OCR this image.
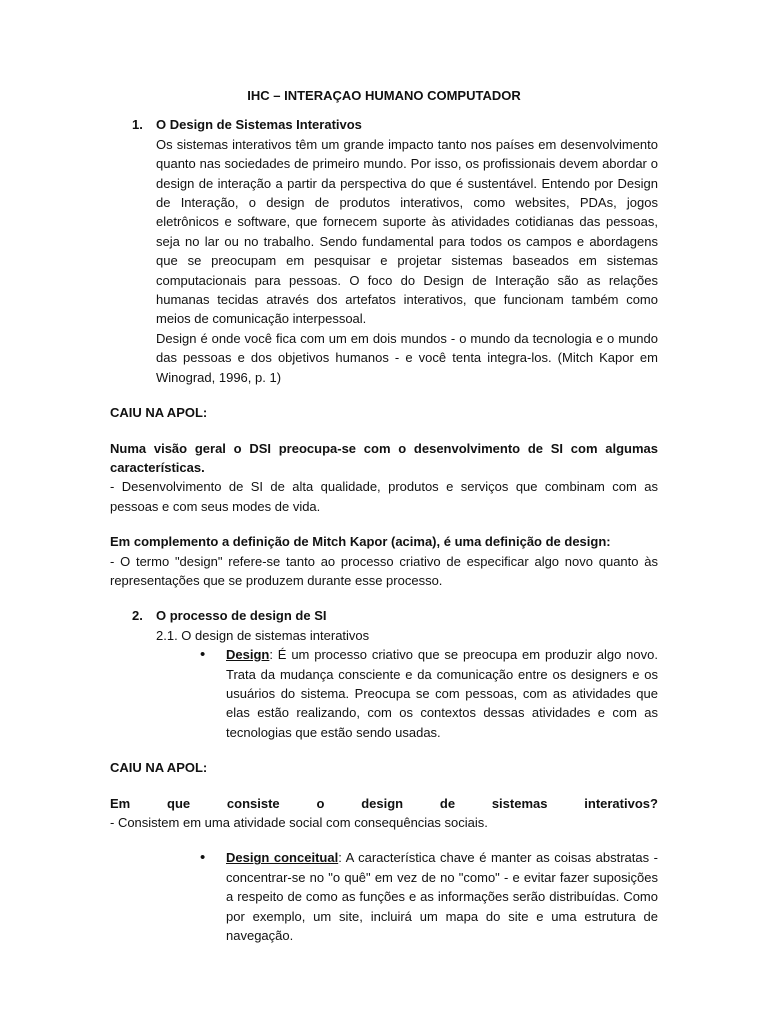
IHC – INTERAÇAO HUMANO COMPUTADOR

1.	O Design de Sistemas Interativos

Os sistemas interativos têm um grande impacto tanto nos países em desenvolvimento quanto nas sociedades de primeiro mundo. Por isso, os profissionais devem abordar o design de interação a partir da perspectiva do que é sustentável. Entendo por Design de Interação, o design de produtos interativos, como websites, PDAs, jogos eletrônicos e software, que fornecem suporte às atividades cotidianas das pessoas, seja no lar ou no trabalho. Sendo fundamental para todos os campos e abordagens que se preocupam em pesquisar e projetar sistemas baseados em sistemas computacionais para pessoas. O foco do Design de Interação são as relações humanas tecidas através dos artefatos interativos, que funcionam também como meios de comunicação interpessoal.

Design é onde você fica com um em dois mundos - o mundo da tecnologia e o mundo das pessoas e dos objetivos humanos - e você tenta integra-los. (Mitch Kapor em Winograd, 1996, p. 1)

CAIU NA APOL:

Numa visão geral o DSI preocupa-se com o desenvolvimento de SI com algumas características.

- Desenvolvimento de SI de alta qualidade, produtos e serviços que combinam com as pessoas e com seus modes de vida.

Em complemento a definição de Mitch Kapor (acima), é uma definição de design:

- O termo "design" refere-se tanto ao processo criativo de especificar algo novo quanto às representações que se produzem durante esse processo.

2.	O processo de design de SI

2.1. O design de sistemas interativos

•	Design: É um processo criativo que se preocupa em produzir algo novo. Trata da mudança consciente e da comunicação entre os designers e os usuários do sistema. Preocupa se com pessoas, com as atividades que elas estão realizando, com os contextos dessas atividades e com as tecnologias que estão sendo usadas.

CAIU NA APOL:

Em	que	consiste	o	design	de	sistemas	interativos?

- Consistem em uma atividade social com consequências sociais.

•	Design conceitual: A característica chave é manter as coisas abstratas - concentrar-se no "o quê" em vez de no "como" - e evitar fazer suposições a respeito de como as funções e as informações serão distribuídas. Como por exemplo, um site, incluirá um mapa do site e uma estrutura de navegação.
